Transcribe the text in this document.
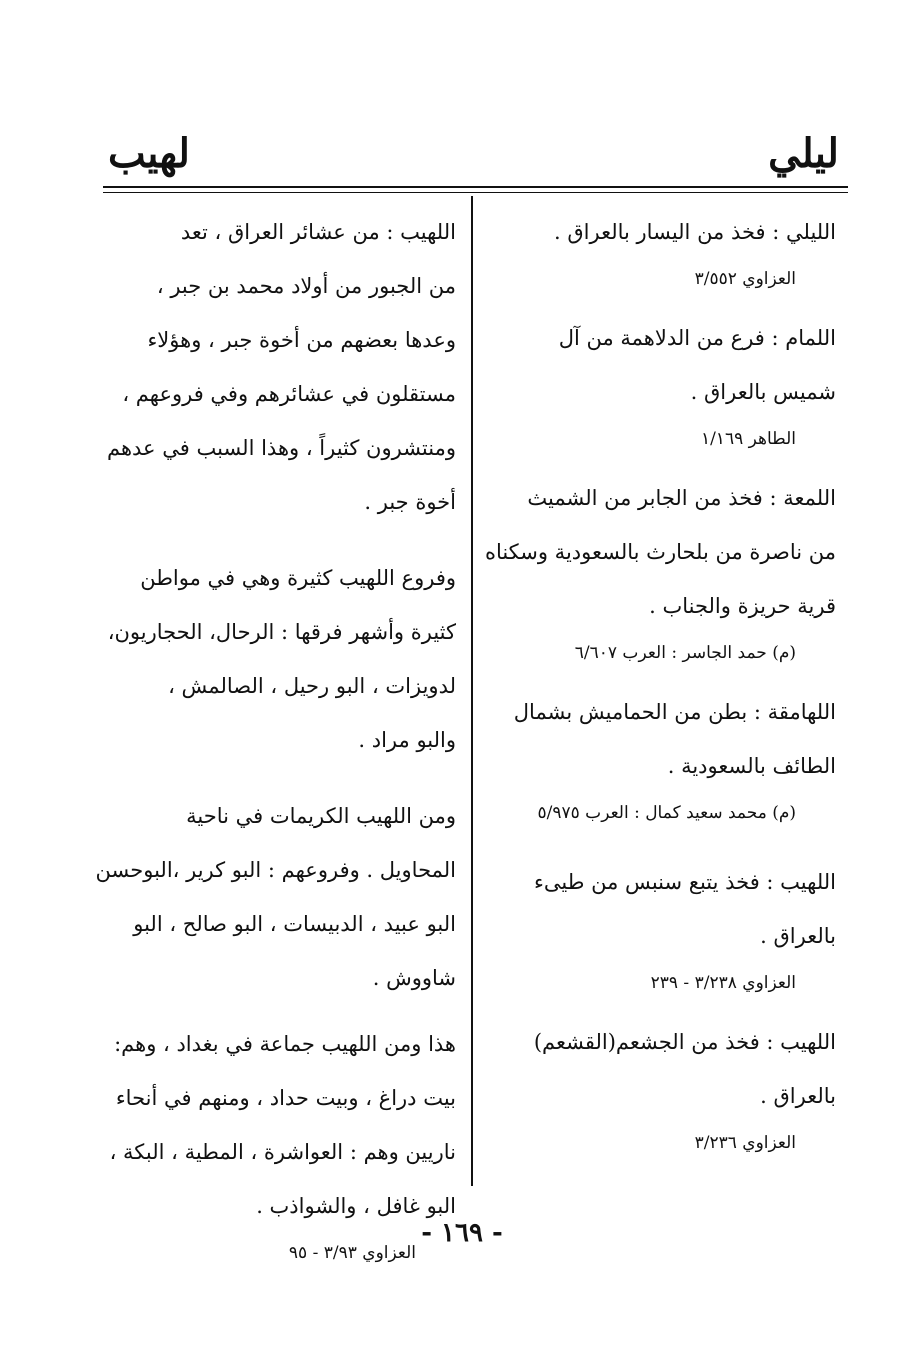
ليلي
لهيب
الليلي : فخذ من اليسار بالعراق .
العزاوي ٣/٥٥٢
اللمام : فرع من الدلاهمة من آل
شميس بالعراق .
الطاهر ١/١٦٩
اللمعة : فخذ من الجابر من الشميث
من ناصرة من بلحارث بالسعودية وسكناه
قرية حريزة والجناب .
(م) حمد الجاسر : العرب ٦/٦٠٧
اللهامقة : بطن من الحماميش بشمال
الطائف بالسعودية .
(م) محمد سعيد كمال : العرب ٥/٩٧٥
اللهيب : فخذ يتبع سنبس من طيىء
بالعراق .
العزاوي ٣/٢٣٨ - ٢٣٩
اللهيب : فخذ من الجشعم(القشعم)
بالعراق .
العزاوي ٣/٢٣٦
اللهيب : من عشائر العراق ، تعد
من الجبور من أولاد محمد بن جبر ،
وعدها بعضهم من أخوة جبر ، وهؤلاء
مستقلون في عشائرهم وفي فروعهم ،
ومنتشرون كثيراً ، وهذا السبب في عدهم
أخوة جبر .
وفروع اللهيب كثيرة وهي في مواطن
كثيرة وأشهر فرقها : الرحال، الحجاريون،
لدويزات ، البو رحيل ، الصالمش ،
والبو مراد .
ومن اللهيب الكريمات في ناحية
المحاويل . وفروعهم : البو كرير ،البوحسن
البو عبيد ، الدبيسات ، البو صالح ، البو
شاووش .
هذا ومن اللهيب جماعة في بغداد ، وهم:
بيت دراغ ، وبيت حداد ، ومنهم في أنحاء
ناريين وهم : العواشرة ، المطية ، البكة ،
البو غافل ، والشواذب .
العزاوي ٣/٩٣ - ٩٥
- ١٦٩ -
